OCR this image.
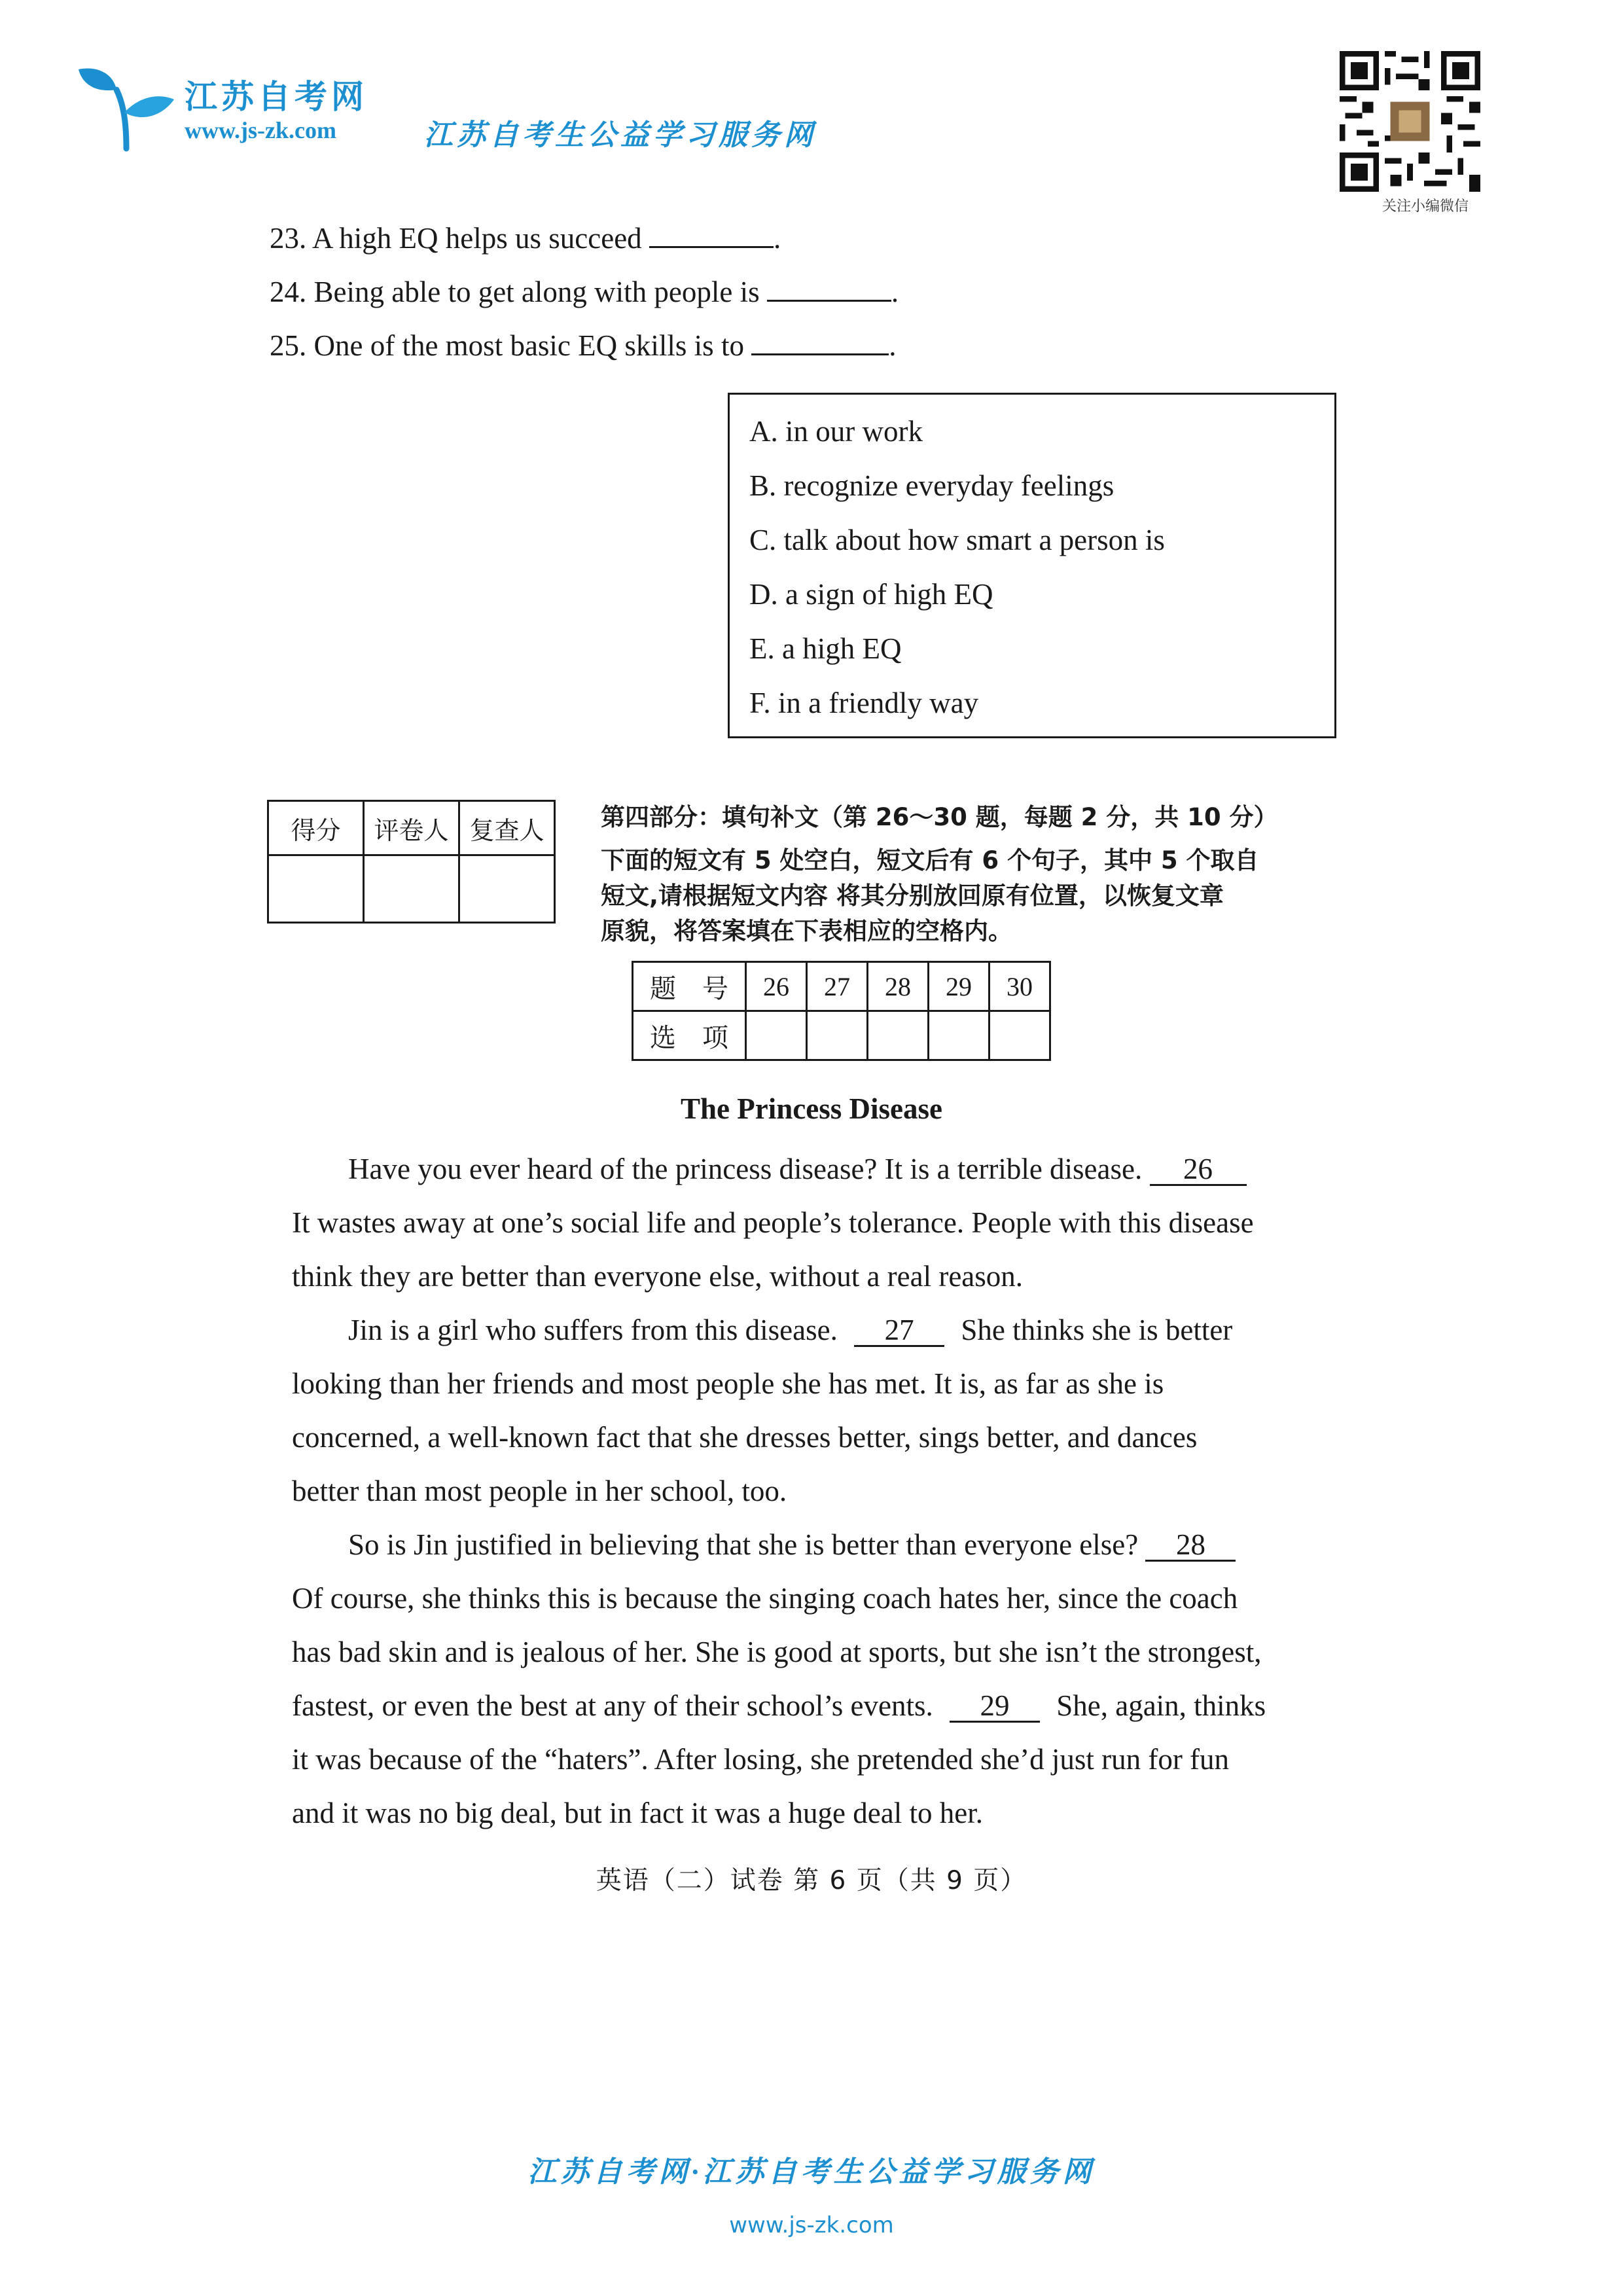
江苏自考网
www.js-zk.com	江苏自考生公益学习服务网
关注小编微信
23. A high EQ helps us succeed	.
24. Being able to get along with people is	.
25. One of the most basic EQ skills is to	.
A. in our work
B. recognize everyday feelings
C. talk about how smart a person is
D. a sign of high EQ
E. a high EQ
F. in a friendly way
得分	评卷人	复查人
		第四部分：填句补文（第 26～30 题，每题 2 分，共 10 分）
下面的短文有 5 处空白，短文后有 6 个句子，其中 5 个取自
短文,请根据短文内容 将其分别放回原有位置，以恢复文章
原貌，将答案填在下表相应的空格内。
题　号	26	27	28	29	30
选　项					
The Princess Disease
Have you ever heard of the princess disease? It is a terrible disease. 26
It wastes away at one’s social life and people’s tolerance. People with this disease
think they are better than everyone else, without a real reason.
Jin is a girl who suffers from this disease. 27 She thinks she is better
looking than her friends and most people she has met. It is, as far as she is
concerned, a well-known fact that she dresses better, sings better, and dances
better than most people in her school, too.
So is Jin justified in believing that she is better than everyone else? 28
Of course, she thinks this is because the singing coach hates her, since the coach
has bad skin and is jealous of her. She is good at sports, but she isn’t the strongest,
fastest, or even the best at any of their school’s events. 29 She, again, thinks
it was because of the “haters”. After losing, she pretended she’d just run for fun
and it was no big deal, but in fact it was a huge deal to her.
英语（二）试卷 第 6 页（共 9 页）
江苏自考网·江苏自考生公益学习服务网
www.js-zk.com
